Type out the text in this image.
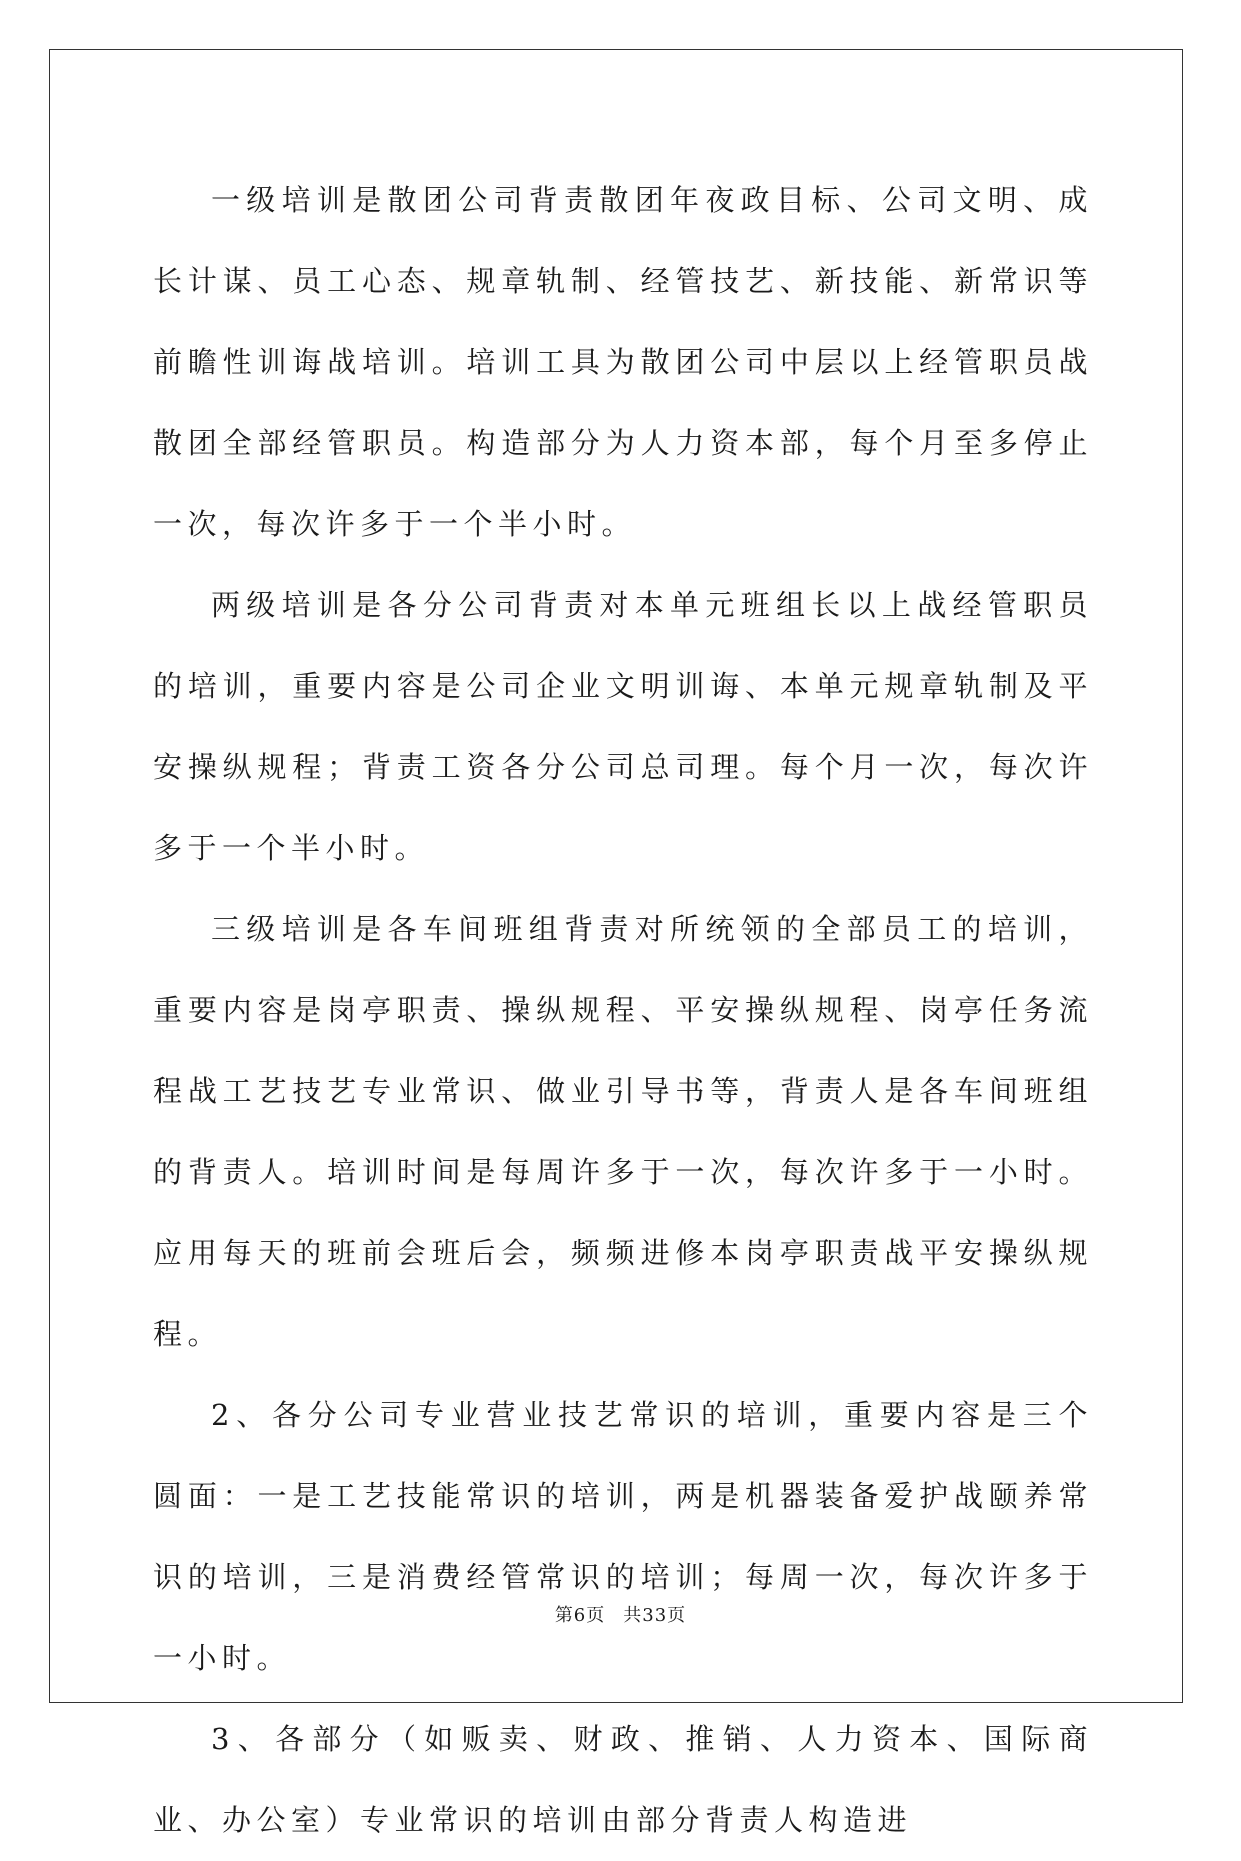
一级培训是散团公司背责散团年夜政目标、公司文明、成长计谋、员工心态、规章轨制、经管技艺、新技能、新常识等前瞻性训诲战培训。培训工具为散团公司中层以上经管职员战散团全部经管职员。构造部分为人力资本部，每个月至多停止一次，每次许多于一个半小时。

两级培训是各分公司背责对本单元班组长以上战经管职员的培训，重要内容是公司企业文明训诲、本单元规章轨制及平安操纵规程；背责工资各分公司总司理。每个月一次，每次许多于一个半小时。

三级培训是各车间班组背责对所统领的全部员工的培训，重要内容是岗亭职责、操纵规程、平安操纵规程、岗亭任务流程战工艺技艺专业常识、做业引导书等，背责人是各车间班组的背责人。培训时间是每周许多于一次，每次许多于一小时。应用每天的班前会班后会，频频进修本岗亭职责战平安操纵规程。

2、各分公司专业营业技艺常识的培训，重要内容是三个圆面：一是工艺技能常识的培训，两是机器装备爱护战颐养常识的培训，三是消费经管常识的培训；每周一次，每次许多于一小时。

3、各部分（如贩卖、财政、推销、人力资本、国际商业、办公室）专业常识的培训由部分背责人构造进

第6页 共33页
